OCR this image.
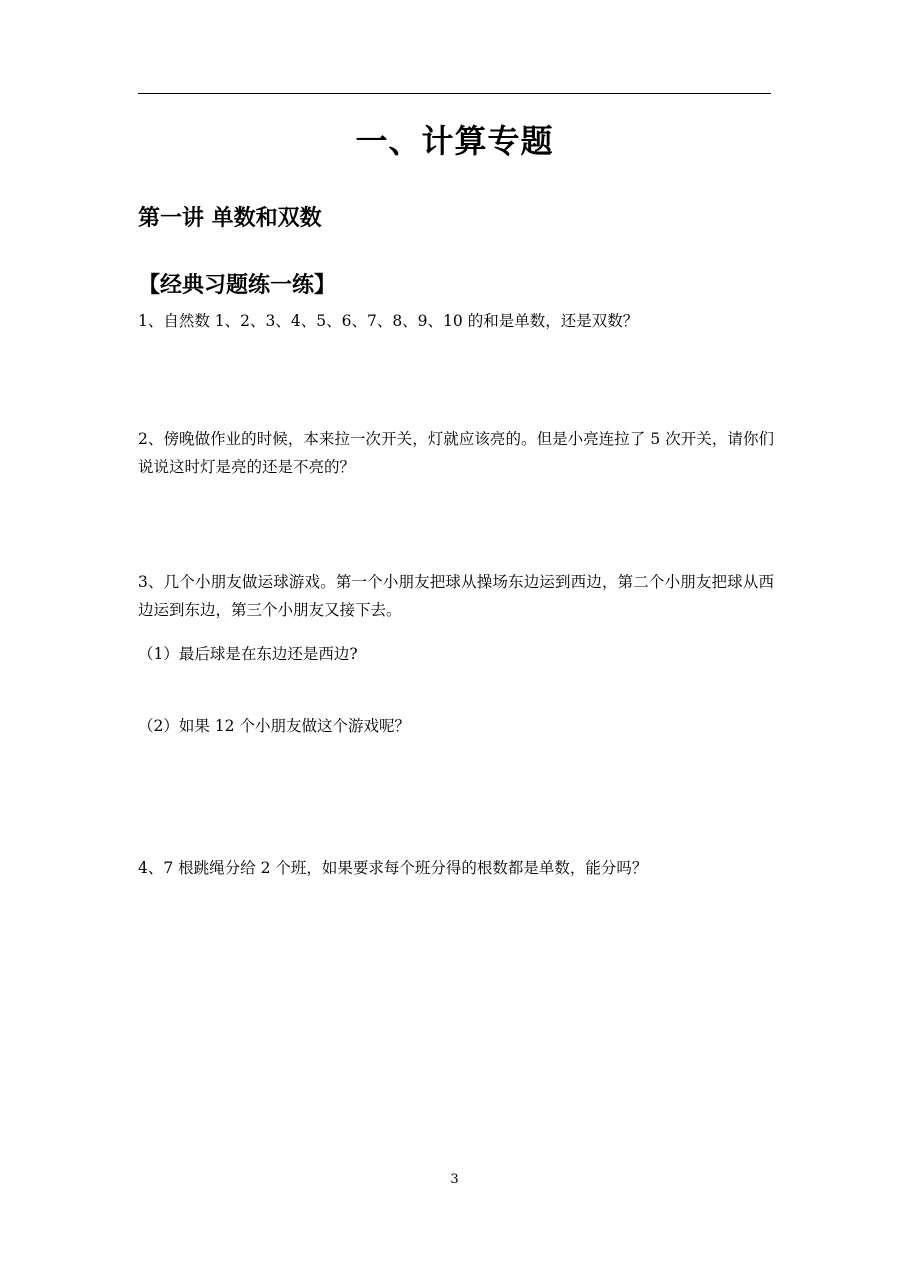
一、计算专题
第一讲 单数和双数
【经典习题练一练】
1、自然数 1、2、3、4、5、6、7、8、9、10 的和是单数，还是双数？
2、傍晚做作业的时候，本来拉一次开关，灯就应该亮的。但是小亮连拉了 5 次开关，请你们说说这时灯是亮的还是不亮的？
3、几个小朋友做运球游戏。第一个小朋友把球从操场东边运到西边，第二个小朋友把球从西边运到东边，第三个小朋友又接下去。
（1）最后球是在东边还是西边?
（2）如果 12 个小朋友做这个游戏呢？
4、7 根跳绳分给 2 个班，如果要求每个班分得的根数都是单数，能分吗？
3
